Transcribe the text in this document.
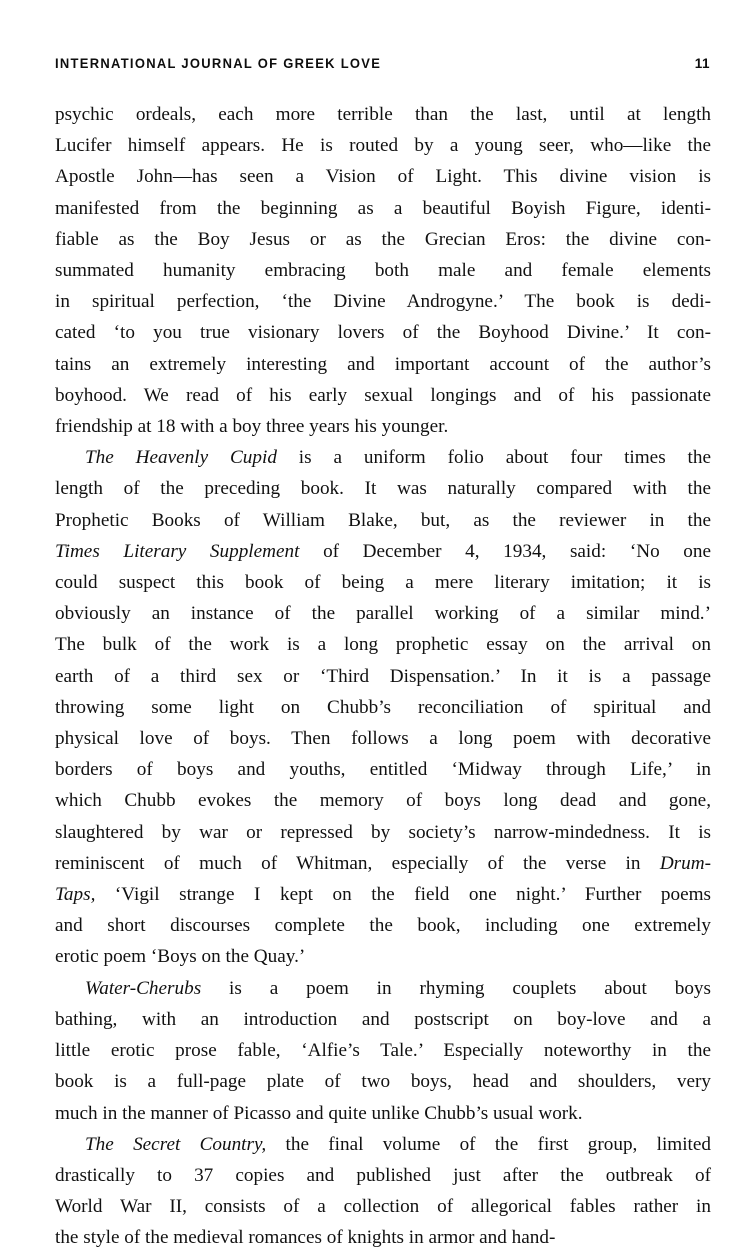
INTERNATIONAL JOURNAL OF GREEK LOVE	11

psychic ordeals, each more terrible than the last, until at length
Lucifer himself appears. He is routed by a young seer, who—like the
Apostle John—has seen a Vision of Light. This divine vision is
manifested from the beginning as a beautiful Boyish Figure, identi-
fiable as the Boy Jesus or as the Grecian Eros: the divine con-
summated humanity embracing both male and female elements
in spiritual perfection, ‘the Divine Androgyne.’ The book is dedi-
cated ‘to you true visionary lovers of the Boyhood Divine.’ It con-
tains an extremely interesting and important account of the author’s
boyhood. We read of his early sexual longings and of his passionate
friendship at 18 with a boy three years his younger.

The Heavenly Cupid is a uniform folio about four times the
length of the preceding book. It was naturally compared with the
Prophetic Books of William Blake, but, as the reviewer in the
Times Literary Supplement of December 4, 1934, said: ‘No one
could suspect this book of being a mere literary imitation; it is
obviously an instance of the parallel working of a similar mind.’
The bulk of the work is a long prophetic essay on the arrival on
earth of a third sex or ‘Third Dispensation.’ In it is a passage
throwing some light on Chubb’s reconciliation of spiritual and
physical love of boys. Then follows a long poem with decorative
borders of boys and youths, entitled ‘Midway through Life,’ in
which Chubb evokes the memory of boys long dead and gone,
slaughtered by war or repressed by society’s narrow-mindedness. It is
reminiscent of much of Whitman, especially of the verse in Drum-
Taps, ‘Vigil strange I kept on the field one night.’ Further poems
and short discourses complete the book, including one extremely
erotic poem ‘Boys on the Quay.’

Water-Cherubs is a poem in rhyming couplets about boys
bathing, with an introduction and postscript on boy-love and a
little erotic prose fable, ‘Alfie’s Tale.’ Especially noteworthy in the
book is a full-page plate of two boys, head and shoulders, very
much in the manner of Picasso and quite unlike Chubb’s usual work.

The Secret Country, the final volume of the first group, limited
drastically to 37 copies and published just after the outbreak of
World War II, consists of a collection of allegorical fables rather in
the style of the medieval romances of knights in armor and hand-
